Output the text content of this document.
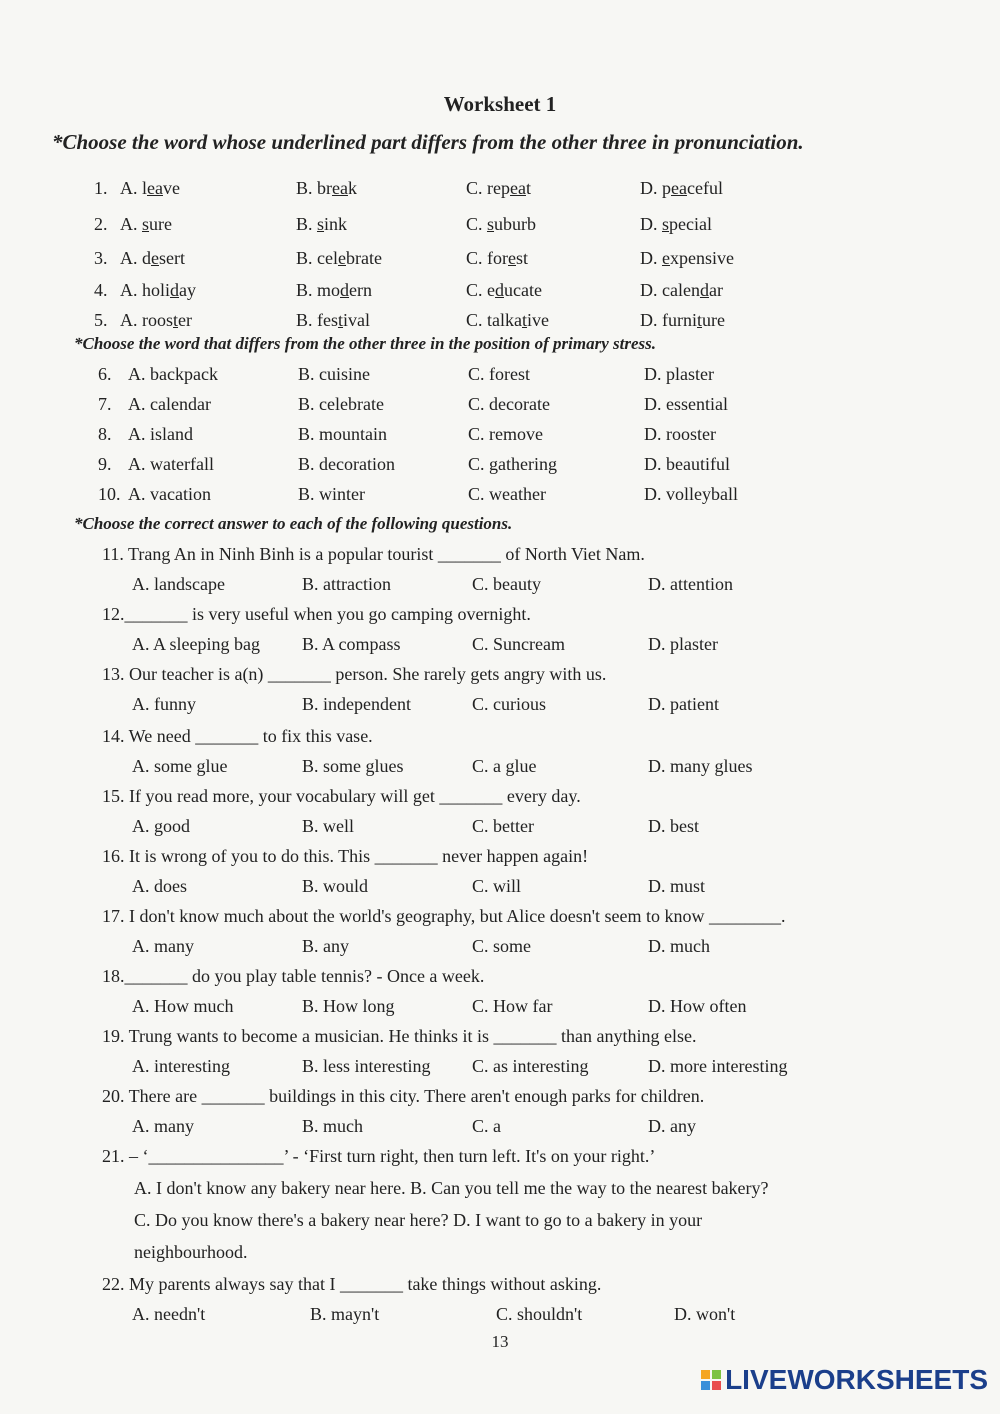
Worksheet 1
*Choose the word whose underlined part differs from the other three in pronunciation.
1. A. leave	B. break	C. repeat	D. peaceful
2. A. sure	B. sink	C. suburb	D. special
3. A. desert	B. celebrate	C. forest	D. expensive
4. A. holiday	B. modern	C. educate	D. calendar
5. A. rooster	B. festival	C. talkative	D. furniture
*Choose the word that differs from the other three in the position of primary stress.
6. A. backpack	B. cuisine	C. forest	D. plaster
7. A. calendar	B. celebrate	C. decorate	D. essential
8. A. island	B. mountain	C. remove	D. rooster
9. A. waterfall	B. decoration	C. gathering	D. beautiful
10. A. vacation	B. winter	C. weather	D. volleyball
*Choose the correct answer to each of the following questions.
11. Trang An in Ninh Binh is a popular tourist _______ of North Viet Nam.
A. landscape	B. attraction	C. beauty	D. attention
12._______ is very useful when you go camping overnight.
A. A sleeping bag B. A compass	C. Suncream	D. plaster
13. Our teacher is a(n) _______ person. She rarely gets angry with us.
A. funny	B. independent	C. curious	D. patient
14. We need _______ to fix this vase.
A. some glue	B. some glues	C. a glue	D. many glues
15. If you read more, your vocabulary will get _______ every day.
A. good	B. well	C. better	D. best
16. It is wrong of you to do this. This _______ never happen again!
A. does	B. would	C. will	D. must
17. I don't know much about the world's geography, but Alice doesn't seem to know ________.
A. many	B. any	C. some	D. much
18._______ do you play table tennis? - Once a week.
A. How much	B. How long	C. How far	D. How often
19. Trung wants to become a musician. He thinks it is _______ than anything else.
A. interesting	B. less interesting C. as interesting	D. more interesting
20. There are _______ buildings in this city. There aren't enough parks for children.
A. many	B. much	C. a	D. any
21. – ‘_______________’ - ‘First turn right, then turn left. It's on your right.’
A. I don't know any bakery near here. B. Can you tell me the way to the nearest bakery?
C. Do you know there's a bakery near here? D. I want to go to a bakery in your
neighbourhood.
22. My parents always say that I _______ take things without asking.
A. needn't	B. mayn't	C. shouldn't	D. won't
13
LIVEWORKSHEETS
